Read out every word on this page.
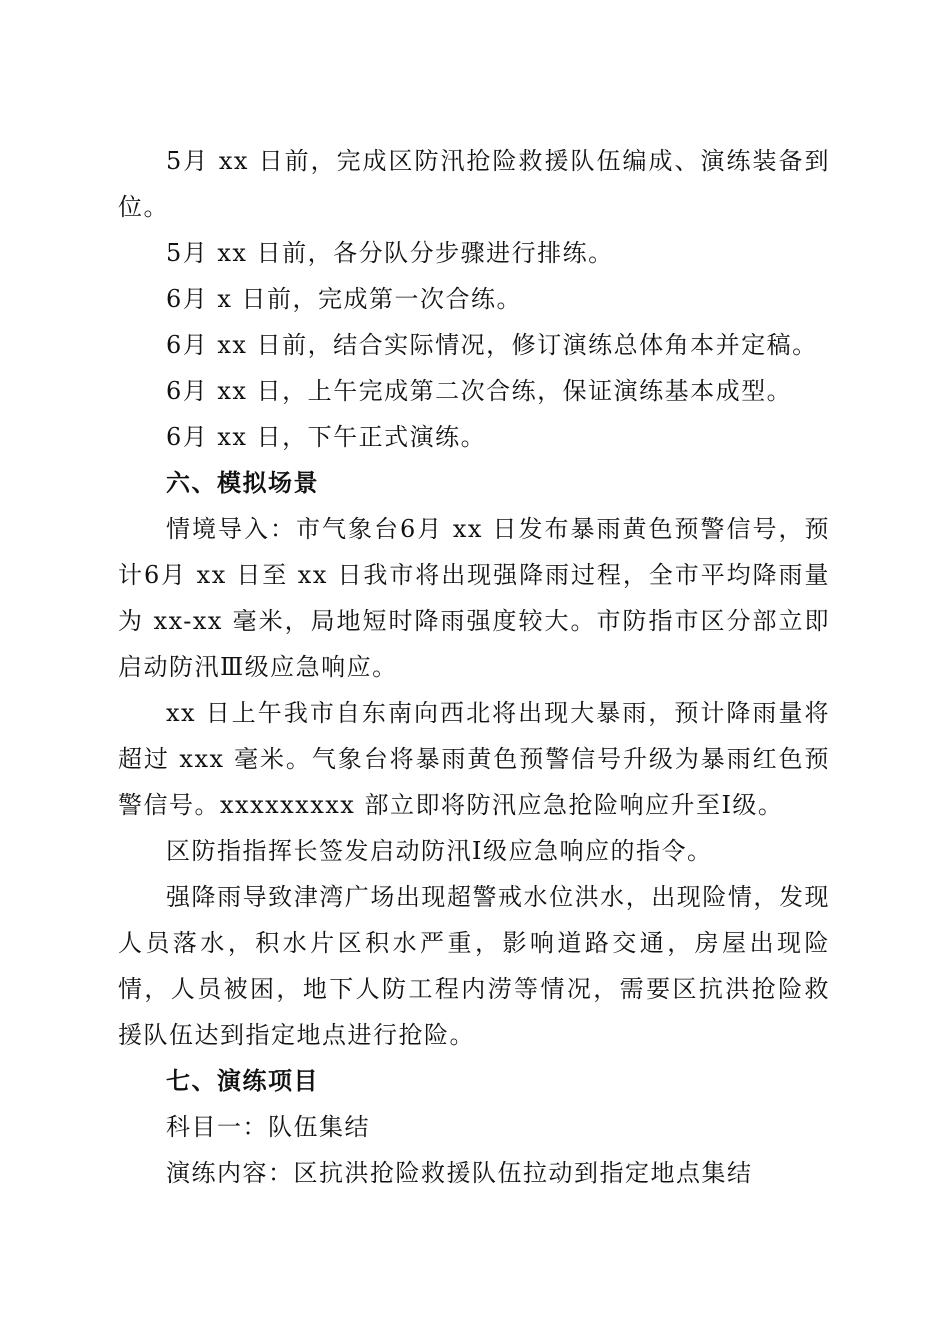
5月 xx 日前，完成区防汛抢险救援队伍编成、演练装备到位。

5月 xx 日前，各分队分步骤进行排练。

6月 x 日前，完成第一次合练。

6月 xx 日前，结合实际情况，修订演练总体角本并定稿。

6月 xx 日，上午完成第二次合练，保证演练基本成型。

6月 xx 日，下午正式演练。

六、模拟场景

情境导入：市气象台6月 xx 日发布暴雨黄色预警信号，预计6月 xx 日至 xx 日我市将出现强降雨过程，全市平均降雨量为 xx-xx 毫米，局地短时降雨强度较大。市防指市区分部立即启动防汛Ⅲ级应急响应。

xx 日上午我市自东南向西北将出现大暴雨，预计降雨量将超过 xxx 毫米。气象台将暴雨黄色预警信号升级为暴雨红色预警信号。xxxxxxxxx 部立即将防汛应急抢险响应升至Ⅰ级。

区防指指挥长签发启动防汛Ⅰ级应急响应的指令。

强降雨导致津湾广场出现超警戒水位洪水，出现险情，发现人员落水，积水片区积水严重，影响道路交通，房屋出现险情，人员被困，地下人防工程内涝等情况，需要区抗洪抢险救援队伍达到指定地点进行抢险。

七、演练项目

科目一：队伍集结

演练内容：区抗洪抢险救援队伍拉动到指定地点集结
